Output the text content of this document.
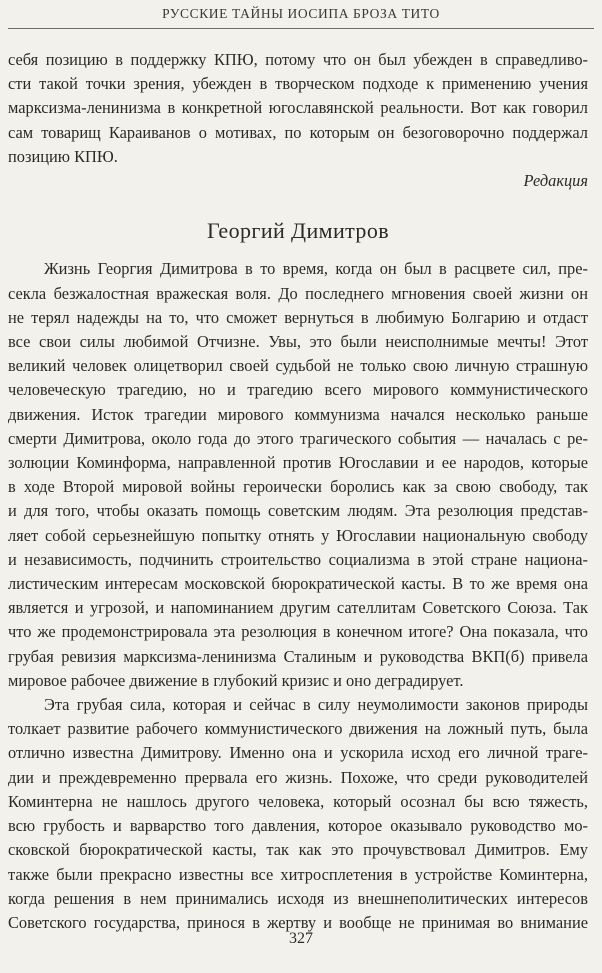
РУССКИЕ ТАЙНЫ ИОСИПА БРОЗА ТИТО
себя позицию в поддержку КПЮ, потому что он был убежден в справедливо-
сти такой точки зрения, убежден в творческом подходе к применению учения
марксизма-ленинизма в конкретной югославянской реальности. Вот как говорил
сам товарищ Караиванов о мотивах, по которым он безоговорочно поддержал
позицию КПЮ.
Редакция
Георгий Димитров
Жизнь Георгия Димитрова в то время, когда он был в расцвете сил, пре-
секла безжалостная вражеская воля. До последнего мгновения своей жизни он
не терял надежды на то, что сможет вернуться в любимую Болгарию и отдаст
все свои силы любимой Отчизне. Увы, это были неисполнимые мечты! Этот
великий человек олицетворил своей судьбой не только свою личную страшную
человеческую трагедию, но и трагедию всего мирового коммунистического
движения. Исток трагедии мирового коммунизма начался несколько раньше
смерти Димитрова, около года до этого трагического события — началась с ре-
золюции Коминформа, направленной против Югославии и ее народов, которые
в ходе Второй мировой войны героически боролись как за свою свободу, так
и для того, чтобы оказать помощь советским людям. Эта резолюция представ-
ляет собой серьезнейшую попытку отнять у Югославии национальную свободу
и независимость, подчинить строительство социализма в этой стране национа-
листическим интересам московской бюрократической касты. В то же время она
является и угрозой, и напоминанием другим сателлитам Советского Союза. Так
что же продемонстрировала эта резолюция в конечном итоге? Она показала, что
грубая ревизия марксизма-ленинизма Сталиным и руководства ВКП(б) привела
мировое рабочее движение в глубокий кризис и оно деградирует.
Эта грубая сила, которая и сейчас в силу неумолимости законов природы
толкает развитие рабочего коммунистического движения на ложный путь, была
отлично известна Димитрову. Именно она и ускорила исход его личной траге-
дии и преждевременно прервала его жизнь. Похоже, что среди руководителей
Коминтерна не нашлось другого человека, который осознал бы всю тяжесть,
всю грубость и варварство того давления, которое оказывало руководство мо-
сковской бюрократической касты, так как это прочувствовал Димитров. Ему
также были прекрасно известны все хитросплетения в устройстве Коминтерна,
когда решения в нем принимались исходя из внешнеполитических интересов
Советского государства, принося в жертву и вообще не принимая во внимание
327
